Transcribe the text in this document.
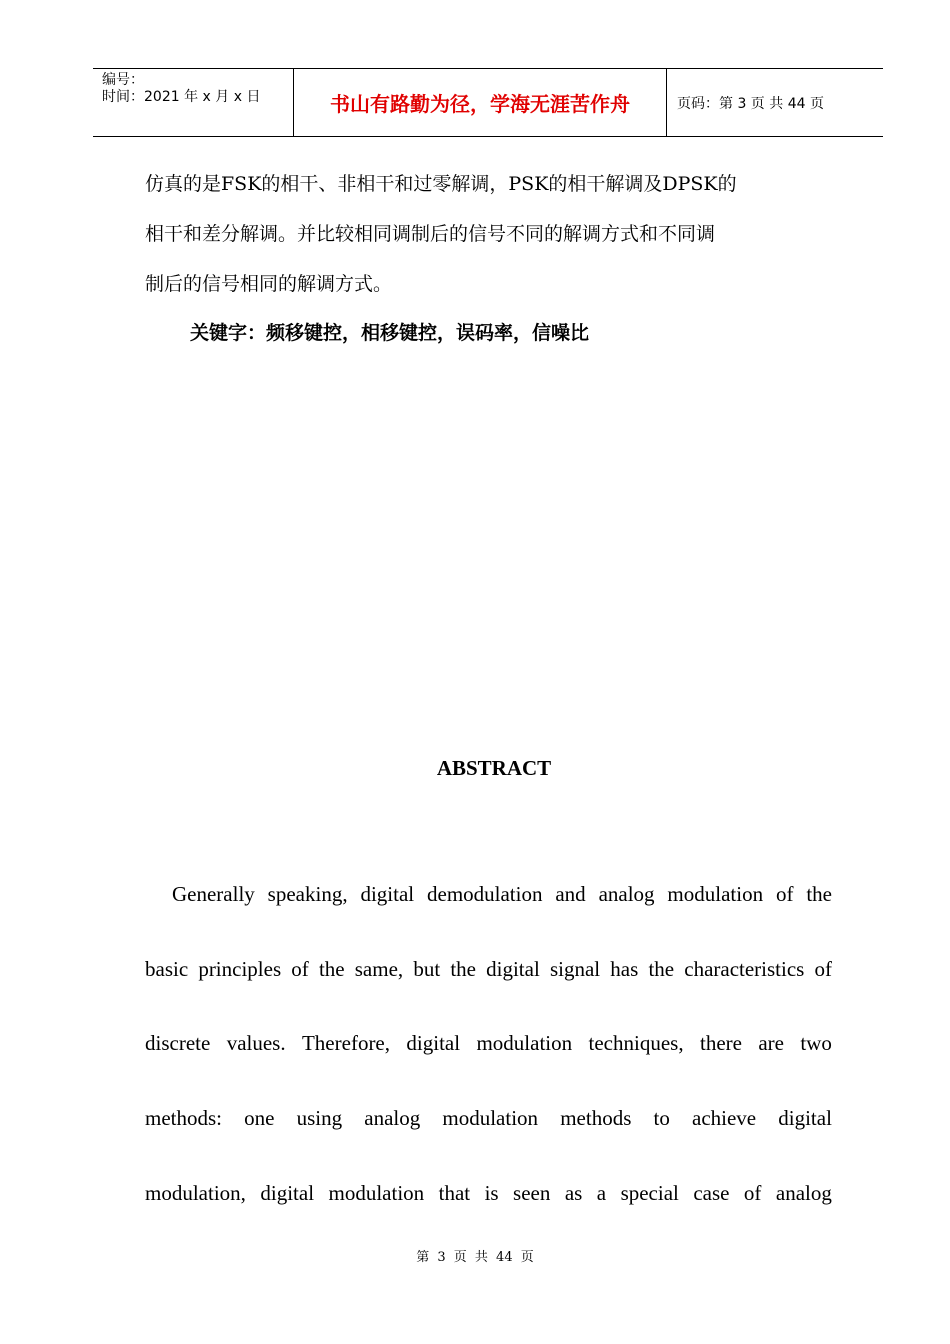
编号：
时间：2021 年 x 月 x 日	书山有路勤为径，学海无涯苦作舟	页码：第 3 页 共 44 页
仿真的是FSK的相干、非相干和过零解调，PSK的相干解调及DPSK的
相干和差分解调。并比较相同调制后的信号不同的解调方式和不同调
制后的信号相同的解调方式。
关键字：频移键控，相移键控，误码率，信噪比
ABSTRACT
Generally speaking, digital demodulation and analog modulation of the
basic principles of the same, but the digital signal has the characteristics of
discrete values. Therefore, digital modulation techniques, there are two
methods: one using analog modulation methods to achieve digital
modulation, digital modulation that is seen as a special case of analog
第 3 页 共 44 页
